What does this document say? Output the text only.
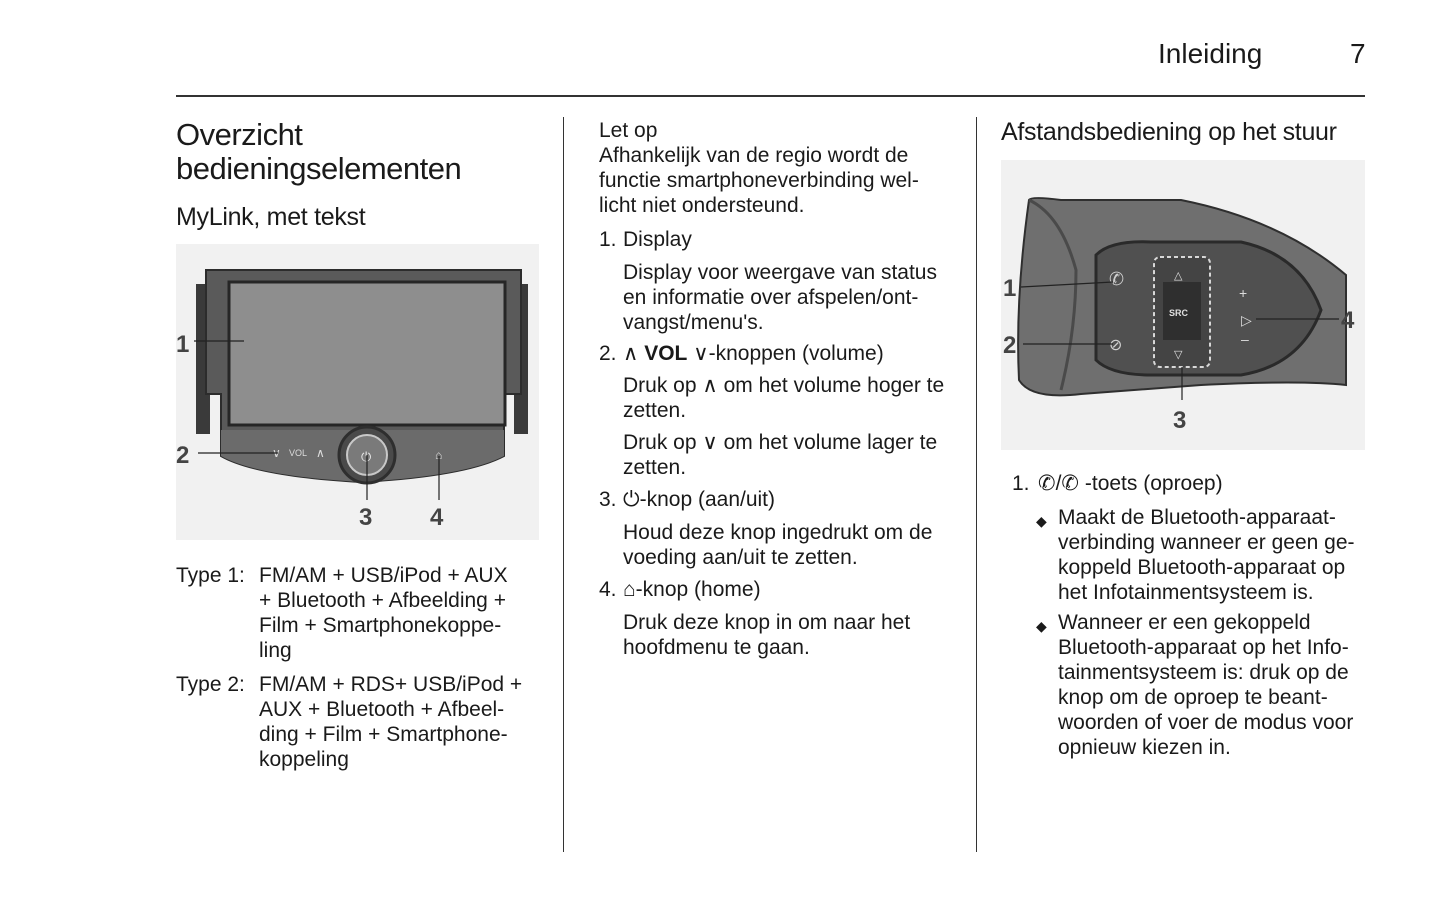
Inleiding	7
Overzicht
bedieningselementen
MyLink, met tekst
∨ VOL ∧	⏻	⌂
1
2
3 4
Type 1: FM/AM + USB/iPod + AUX
+ Bluetooth + Afbeelding +
Film + Smartphonekoppe-
ling
Type 2: FM/AM + RDS+ USB/iPod +
AUX + Bluetooth + Afbeel-
ding + Film + Smartphone-
koppeling
Let op
Afhankelijk van de regio wordt de
functie smartphoneverbinding wel-
licht niet ondersteund.
1. Display
Display voor weergave van status
en informatie over afspelen/ont-
vangst/menu's.
2. ∧ VOL ∨-knoppen (volume)
Druk op ∧ om het volume hoger te
zetten.
Druk op ∨ om het volume lager te
zetten.
3. ⏻-knop (aan/uit)
Houd deze knop ingedrukt om de
voeding aan/uit te zetten.
4. ⌂-knop (home)
Druk deze knop in om naar het
hoofdmenu te gaan.
Afstandsbediening op het stuur
✆
⊘
△
SRC
▽
+
▷
–
1
2
3
4
1. ✆/✆ -toets (oproep)
◆ Maakt de Bluetooth-apparaat-
verbinding wanneer er geen ge-
koppeld Bluetooth-apparaat op
het Infotainmentsysteem is.
◆ Wanneer er een gekoppeld
Bluetooth-apparaat op het Info-
tainmentsysteem is: druk op de
knop om de oproep te beant-
woorden of voer de modus voor
opnieuw kiezen in.
